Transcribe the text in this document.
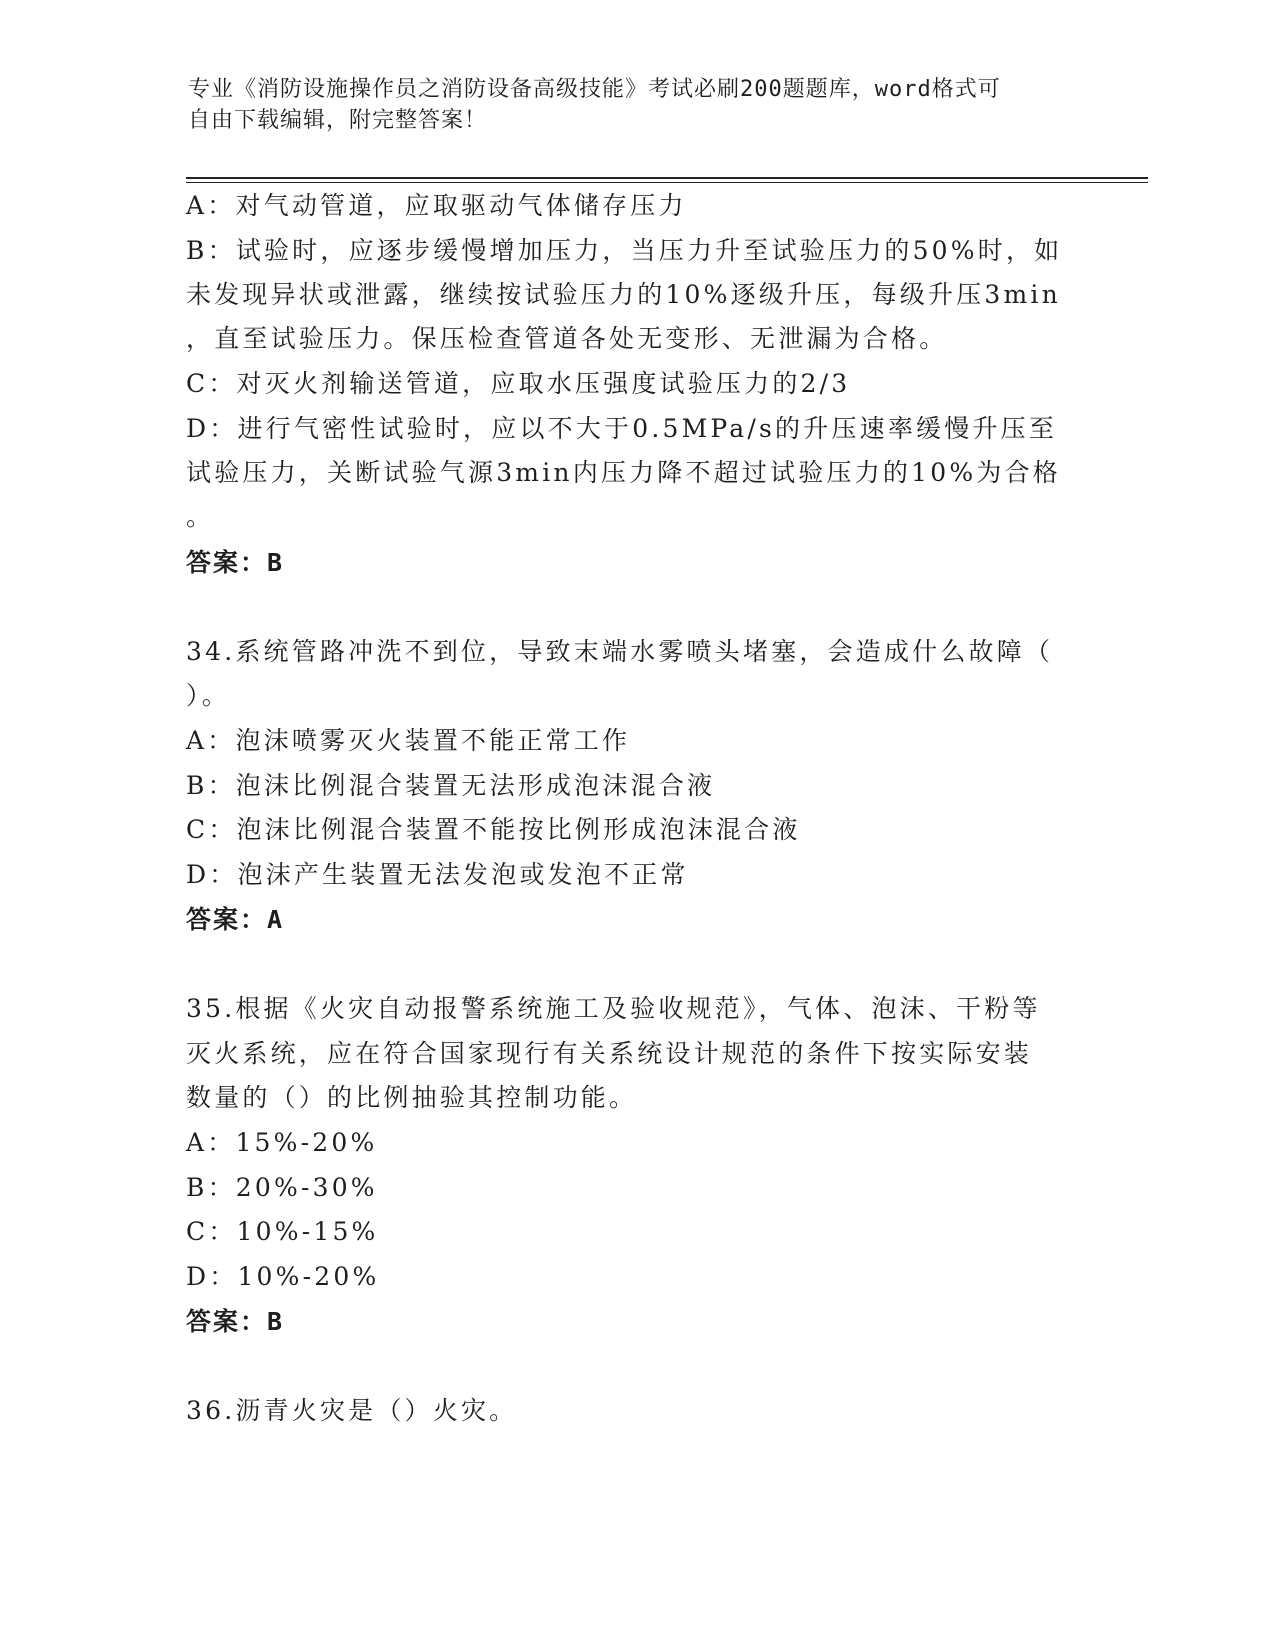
专业《消防设施操作员之消防设备高级技能》考试必刷200题题库，word格式可
自由下载编辑，附完整答案！
A：对气动管道，应取驱动气体储存压力
B：试验时，应逐步缓慢增加压力，当压力升至试验压力的50%时，如
未发现异状或泄露，继续按试验压力的10%逐级升压，每级升压3min
，直至试验压力。保压检查管道各处无变形、无泄漏为合格。
C：对灭火剂输送管道，应取水压强度试验压力的2/3
D：进行气密性试验时，应以不大于0.5MPa/s的升压速率缓慢升压至
试验压力，关断试验气源3min内压力降不超过试验压力的10%为合格
。
答案：B
34.系统管路冲洗不到位，导致末端水雾喷头堵塞，会造成什么故障（
）。
A：泡沫喷雾灭火装置不能正常工作
B：泡沫比例混合装置无法形成泡沫混合液
C：泡沫比例混合装置不能按比例形成泡沫混合液
D：泡沫产生装置无法发泡或发泡不正常
答案：A
35.根据《火灾自动报警系统施工及验收规范》，气体、泡沫、干粉等
灭火系统，应在符合国家现行有关系统设计规范的条件下按实际安装
数量的（）的比例抽验其控制功能。
A：15%-20%
B：20%-30%
C：10%-15%
D：10%-20%
答案：B
36.沥青火灾是（）火灾。
